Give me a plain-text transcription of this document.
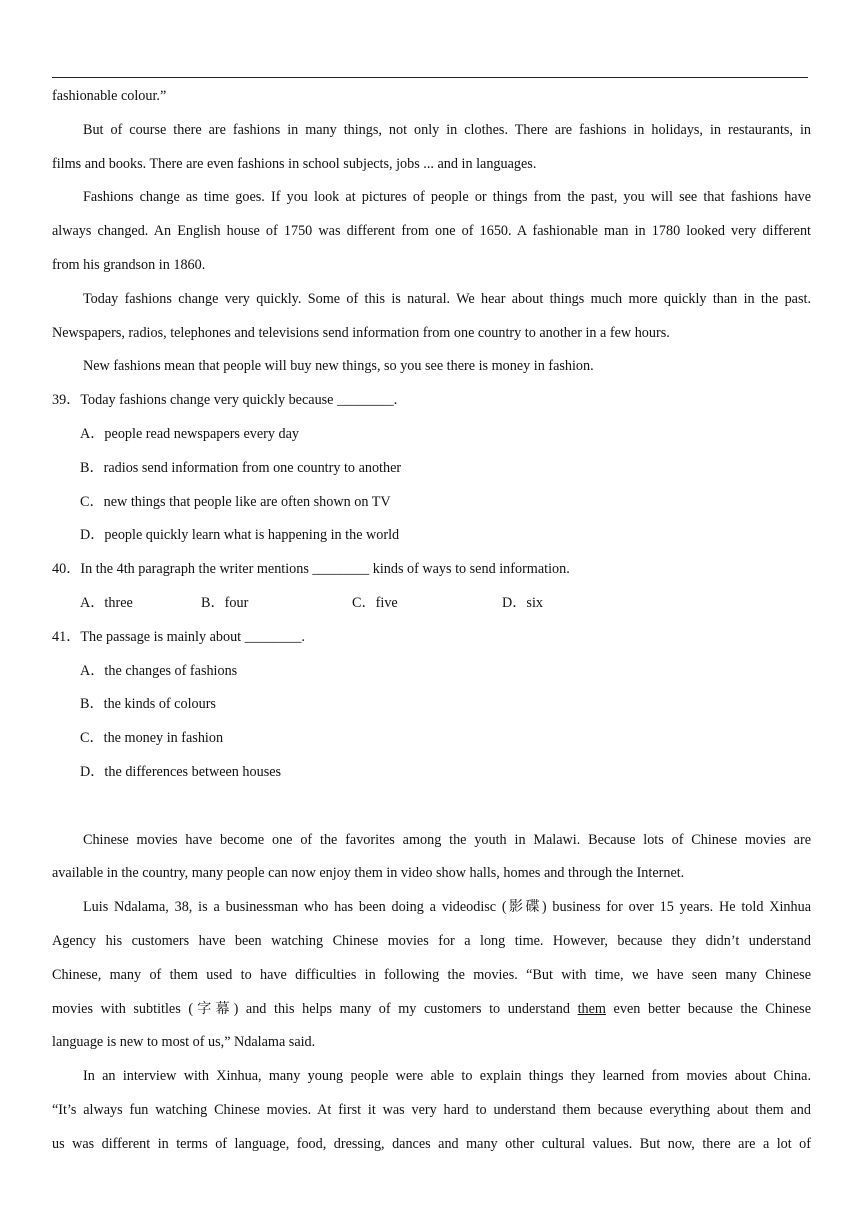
fashionable colour.”
But of course there are fashions in many things, not only in clothes. There are fashions in holidays, in restaurants, in
films and books. There are even fashions in school subjects, jobs ... and in languages.
Fashions change as time goes. If you look at pictures of people or things from the past, you will see that fashions have
always changed. An English house of 1750 was different from one of 1650. A fashionable man in 1780 looked very different
from his grandson in 1860.
Today fashions change very quickly. Some of this is natural. We hear about things much more quickly than in the past.
Newspapers, radios, telephones and televisions send information from one country to another in a few hours.
New fashions mean that people will buy new things, so you see there is money in fashion.
39．Today fashions change very quickly because ________.
A．people read newspapers every day
B．radios send information from one country to another
C．new things that people like are often shown on TV
D．people quickly learn what is happening in the world
40．In the 4th paragraph the writer mentions ________ kinds of ways to send information.
A．three	B．four	C．five	D．six
41．The passage is mainly about ________.
A．the changes of fashions
B．the kinds of colours
C．the money in fashion
D．the differences between houses
Chinese movies have become one of the favorites among the youth in Malawi. Because lots of Chinese movies are
available in the country, many people can now enjoy them in video show halls, homes and through the Internet.
Luis Ndalama, 38, is a businessman who has been doing a videodisc (影碟) business for over 15 years. He told Xinhua
Agency his customers have been watching Chinese movies for a long time. However, because they didn’t understand
Chinese, many of them used to have difficulties in following the movies. “But with time, we have seen many Chinese
movies with subtitles (字幕) and this helps many of my customers to understand them even better because the Chinese
language is new to most of us,” Ndalama said.
In an interview with Xinhua, many young people were able to explain things they learned from movies about China.
“It’s always fun watching Chinese movies. At first it was very hard to understand them because everything about them and
us was different in terms of language, food, dressing, dances and many other cultural values. But now, there are a lot of
